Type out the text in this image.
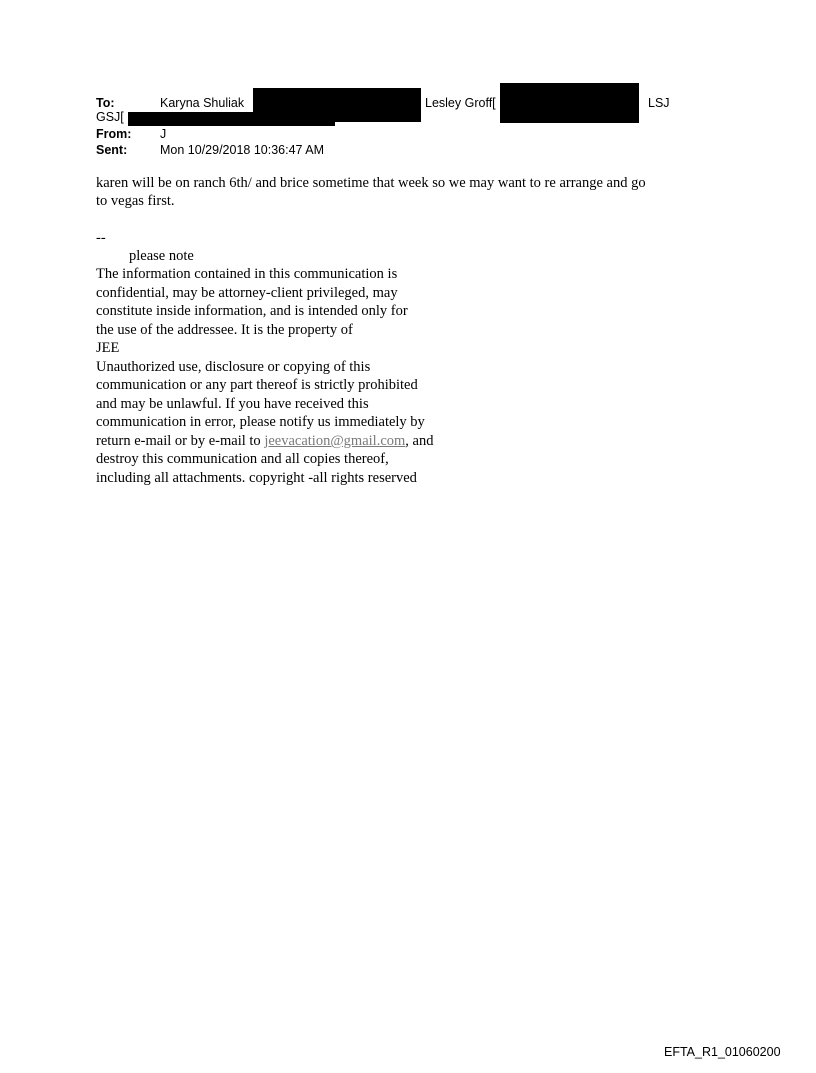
To:	Karyna Shuliak	Lesley Groff[	LSJ
GSJ[
From: J
Sent:	Mon 10/29/2018 10:36:47 AM
karen will be on ranch 6th/ and brice sometime that week so we may want to re arrange and go
to vegas first.
--
please note
The information contained in this communication is
confidential, may be attorney-client privileged, may
constitute inside information, and is intended only for
the use of the addressee. It is the property of
JEE
Unauthorized use, disclosure or copying of this
communication or any part thereof is strictly prohibited
and may be unlawful. If you have received this
communication in error, please notify us immediately by
return e-mail or by e-mail to jeevacation@gmail.com, and
destroy this communication and all copies thereof,
including all attachments. copyright -all rights reserved
EFTA_R1_01060200
